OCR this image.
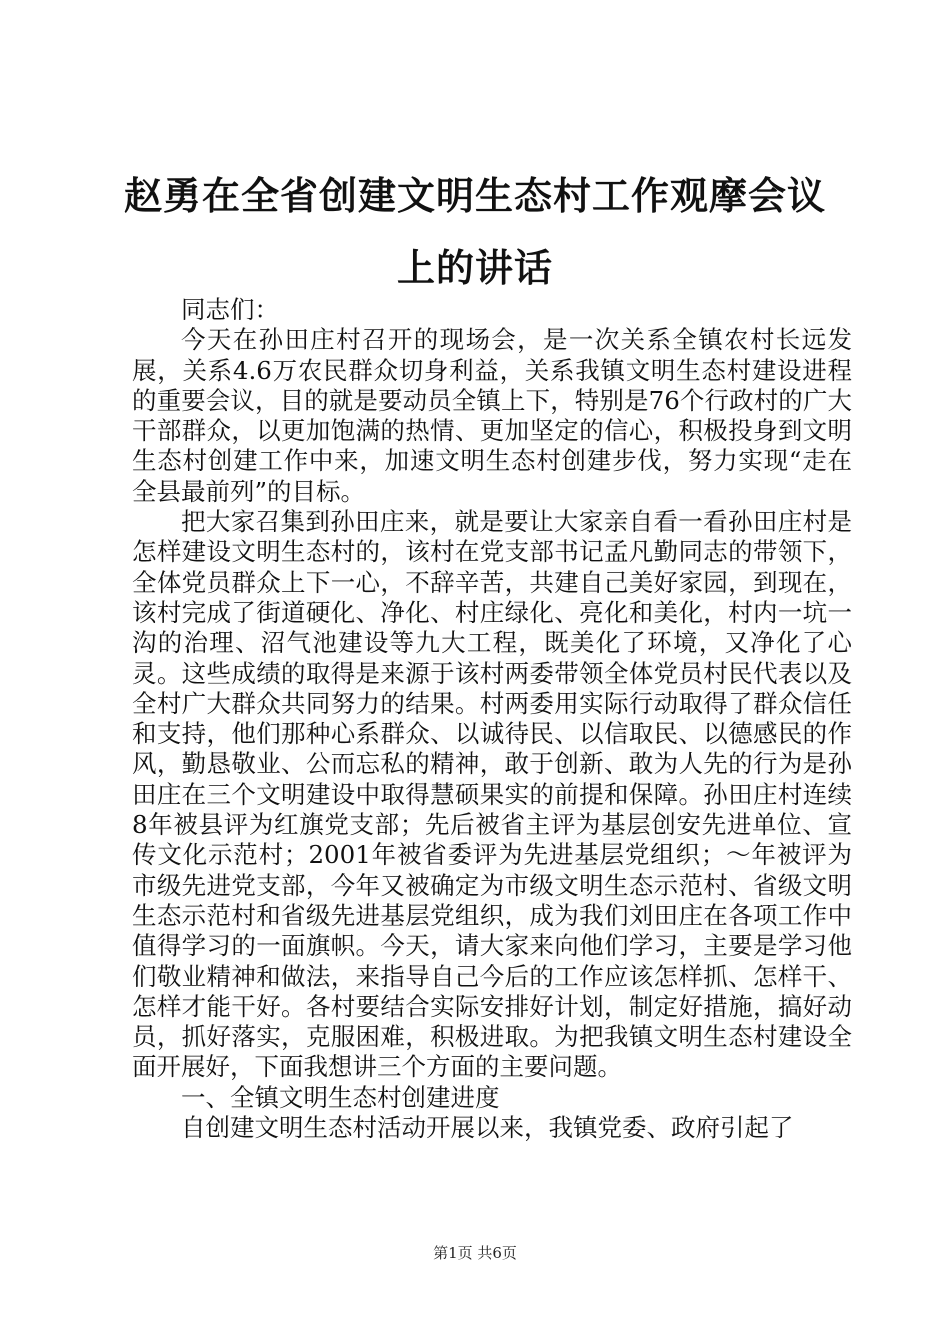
赵勇在全省创建文明生态村工作观摩会议上的讲话

同志们：

今天在孙田庄村召开的现场会，是一次关系全镇农村长远发展，关系4.6万农民群众切身利益，关系我镇文明生态村建设进程的重要会议，目的就是要动员全镇上下，特别是76个行政村的广大干部群众，以更加饱满的热情、更加坚定的信心，积极投身到文明生态村创建工作中来，加速文明生态村创建步伐，努力实现“走在全县最前列”的目标。

把大家召集到孙田庄来，就是要让大家亲自看一看孙田庄村是怎样建设文明生态村的，该村在党支部书记孟凡勤同志的带领下，全体党员群众上下一心，不辞辛苦，共建自己美好家园，到现在，该村完成了街道硬化、净化、村庄绿化、亮化和美化，村内一坑一沟的治理、沼气池建设等九大工程，既美化了环境，又净化了心灵。这些成绩的取得是来源于该村两委带领全体党员村民代表以及全村广大群众共同努力的结果。村两委用实际行动取得了群众信任和支持，他们那种心系群众、以诚待民、以信取民、以德感民的作风，勤恳敬业、公而忘私的精神，敢于创新、敢为人先的行为是孙田庄在三个文明建设中取得慧硕果实的前提和保障。孙田庄村连续8年被县评为红旗党支部；先后被省主评为基层创安先进单位、宣传文化示范村；2001年被省委评为先进基层党组织；～年被评为市级先进党支部，今年又被确定为市级文明生态示范村、省级文明生态示范村和省级先进基层党组织，成为我们刘田庄在各项工作中值得学习的一面旗帜。今天，请大家来向他们学习，主要是学习他们敬业精神和做法，来指导自己今后的工作应该怎样抓、怎样干、怎样才能干好。各村要结合实际安排好计划，制定好措施，搞好动员，抓好落实，克服困难，积极进取。为把我镇文明生态村建设全面开展好，下面我想讲三个方面的主要问题。

一、全镇文明生态村创建进度

自创建文明生态村活动开展以来，我镇党委、政府引起了

第1页 共6页
